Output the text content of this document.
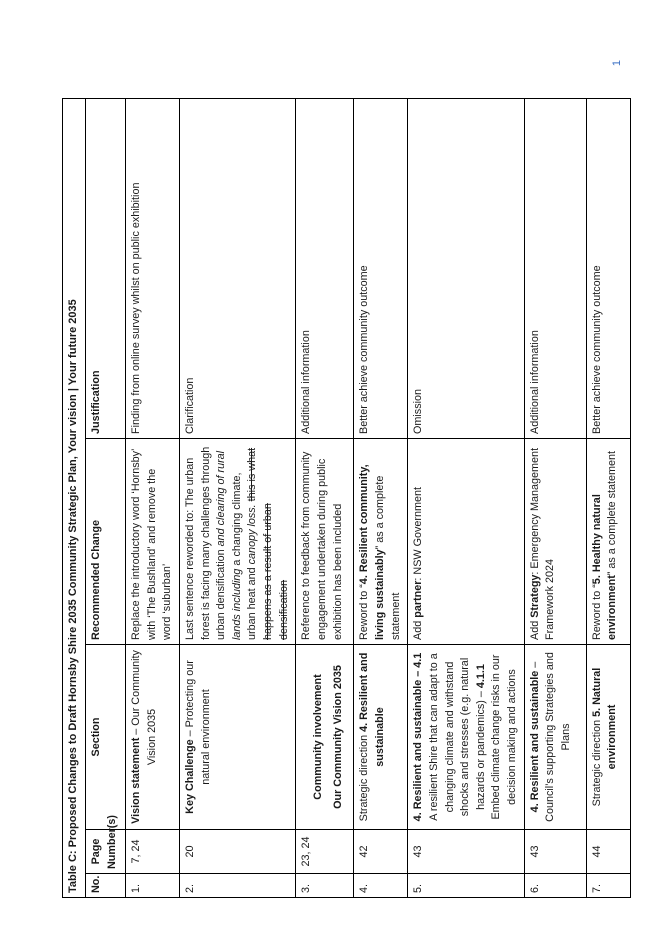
1
Table C: Proposed Changes to Draft Hornsby Shire 2035 Community Strategic Plan, Your vision | Your future 2035				
No.	Page Number(s)	Section	Recommended Change	Justification
1.	7, 24	Vision statement – Our Community Vision 2035	Replace the introductory word ‘Hornsby’ with ‘The Bushland’ and remove the word ‘suburban’	Finding from online survey whilst on public exhibition
2.	20	Key Challenge – Protecting our natural environment	Last sentence reworded to: The urban forest is facing many challenges through urban densification and clearing of rural lands including a changing climate, urban heat and canopy loss. this is what happens as a result of urban densification	Clarification
3.	23, 24	Community involvement Our Community Vision 2035	Reference to feedback from community engagement undertaken during public exhibition has been included	Additional information
4.	42	Strategic direction 4. Resilient and sustainable	Reword to “4. Resilient community, living sustainably” as a complete statement	Better achieve community outcome
5.	43	4. Resilient and sustainable – 4.1 A resilient Shire that can adapt to a changing climate and withstand shocks and stresses (e.g. natural hazards or pandemics) – 4.1.1 Embed climate change risks in our decision making and actions	Add partner: NSW Government	Omission
6.	43	4. Resilient and sustainable – Council’s supporting Strategies and Plans	Add Strategy: Emergency Management Framework 2024	Additional information
7.	44	Strategic direction 5. Natural environment	Reword to “5. Healthy natural environment” as a complete statement	Better achieve community outcome
